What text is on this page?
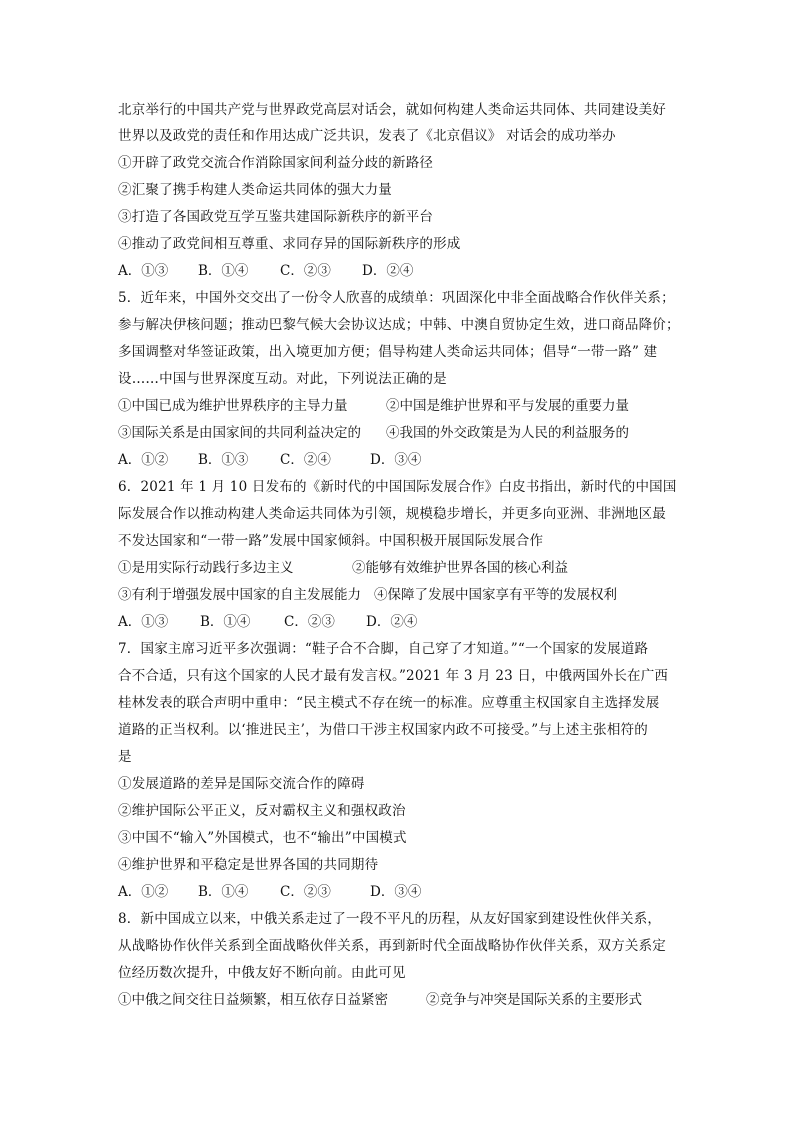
北京举行的中国共产党与世界政党高层对话会，就如何构建人类命运共同体、共同建设美好
世界以及政党的责任和作用达成广泛共识，发表了《北京倡议》 对话会的成功举办
①开辟了政党交流合作消除国家间利益分歧的新路径
②汇聚了携手构建人类命运共同体的强大力量
③打造了各国政党互学互鉴共建国际新秩序的新平台
④推动了政党间相互尊重、求同存异的国际新秩序的形成
A．①③ B．①④ C．②③ D．②④
5．近年来，中国外交交出了一份令人欣喜的成绩单：巩固深化中非全面战略合作伙伴关系；
参与解决伊核问题；推动巴黎气候大会协议达成；中韩、中澳自贸协定生效，进口商品降价；
多国调整对华签证政策，出入境更加方便；倡导构建人类命运共同体；倡导“一带一路” 建
设……中国与世界深度互动。对此，下列说法正确的是
①中国已成为维护世界秩序的主导力量	②中国是维护世界和平与发展的重要力量
③国际关系是由国家间的共同利益决定的 ④我国的外交政策是为人民的利益服务的
A．①② B．①③ C．②④	D．③④
6．2021 年 1 月 10 日发布的《新时代的中国国际发展合作》白皮书指出，新时代的中国国
际发展合作以推动构建人类命运共同体为引领，规模稳步增长，并更多向亚洲、非洲地区最
不发达国家和“一带一路”发展中国家倾斜。中国积极开展国际发展合作
①是用实际行动践行多边主义	②能够有效维护世界各国的核心利益
③有利于增强发展中国家的自主发展能力 ④保障了发展中国家享有平等的发展权利
A．①③ B．①④ C．②③ D．②④
7．国家主席习近平多次强调：“鞋子合不合脚，自己穿了才知道。”“一个国家的发展道路
合不合适，只有这个国家的人民才最有发言权。”2021 年 3 月 23 日，中俄两国外长在广西
桂林发表的联合声明中重申：“民主模式不存在统一的标准。应尊重主权国家自主选择发展
道路的正当权利。以‘推进民主’，为借口干涉主权国家内政不可接受。”与上述主张相符的
是
①发展道路的差异是国际交流合作的障碍
②维护国际公平正义，反对霸权主义和强权政治
③中国不“输入”外国模式，也不“输出”中国模式
④维护世界和平稳定是世界各国的共同期待
A．①② B．①④ C．②③	D．③④
8．新中国成立以来，中俄关系走过了一段不平凡的历程，从友好国家到建设性伙伴关系，
从战略协作伙伴关系到全面战略伙伴关系，再到新时代全面战略协作伙伴关系，双方关系定
位经历数次提升，中俄友好不断向前。由此可见
①中俄之间交往日益频繁，相互依存日益紧密	②竞争与冲突是国际关系的主要形式
